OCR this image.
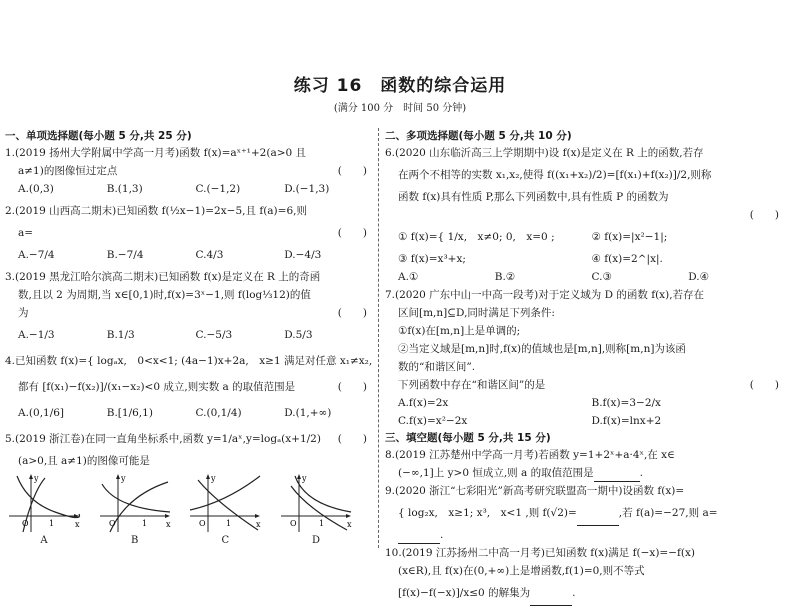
练习 16　函数的综合运用
(满分 100 分　时间 50 分钟)
一、单项选择题(每小题 5 分,共 25 分)
1.(2019 扬州大学附属中学高一月考)函数 f(x)=aˣ⁺¹+2(a>0 且
a≠1)的图像恒过定点	(　　)
A.(0,3)	B.(1,3)	C.(−1,2)	D.(−1,3)
2.(2019 山西高二期末)已知函数 f(½x−1)=2x−5,且 f(a)=6,则
a=	(　　)
A.−7/4	B.−7/4	C.4/3	D.−4/3
3.(2019 黑龙江哈尔滨高二期末)已知函数 f(x)是定义在 R 上的奇函
数,且以 2 为周期,当 x∈[0,1)时,f(x)=3ˣ−1,则 f(log⅓12)的值
为	(　　)
A.−1/3	B.1/3	C.−5/3	D.5/3
4.已知函数 f(x)={ logₐx,　0<x<1; (4a−1)x+2a,　x≥1 满足对任意 x₁≠x₂,
都有 [f(x₁)−f(x₂)]/(x₁−x₂)<0 成立,则实数 a 的取值范围是	(　　)
A.(0,1/6]	B.[1/6,1)	C.(0,1/4)	D.(1,+∞)
5.(2019 浙江卷)在同一直角坐标系中,函数 y=1/aˣ,y=logₐ(x+1/2) (　　)
(a>0,且 a≠1)的图像可能是
x
y
O	1
A
x
y
O	1
B
x
y
O	1
C
x
y
O	1
D
二、多项选择题(每小题 5 分,共 10 分)
6.(2020 山东临沂高三上学期期中)设 f(x)是定义在 R 上的函数,若存
在两个不相等的实数 x₁,x₂,使得 f((x₁+x₂)/2)=[f(x₁)+f(x₂)]/2,则称
函数 f(x)具有性质 P,那么下列函数中,具有性质 P 的函数为
(　　)
① f(x)={ 1/x,　x≠0; 0,　x=0 ;	② f(x)=|x²−1|;
③ f(x)=x³+x;	④ f(x)=2^|x|.
A.①	B.②	C.③	D.④
7.(2020 广东中山一中高一段考)对于定义域为 D 的函数 f(x),若存在
区间[m,n]⊆D,同时满足下列条件:
①f(x)在[m,n]上是单调的;
②当定义域是[m,n]时,f(x)的值域也是[m,n],则称[m,n]为该函
数的“和谐区间”.
下列函数中存在“和谐区间”的是	(　　)
A.f(x)=2x	B.f(x)=3−2/x
C.f(x)=x²−2x	D.f(x)=lnx+2
三、填空题(每小题 5 分,共 15 分)
8.(2019 江苏楚州中学高一月考)若函数 y=1+2ˣ+a·4ˣ,在 x∈
(−∞,1]上 y>0 恒成立,则 a 的取值范围是	.
9.(2020 浙江“七彩阳光”新高考研究联盟高一期中)设函数 f(x)=
{ log₂x,　x≥1; x³,　x<1 ,则 f(√2)=	,若 f(a)=−27,则 a=
.
10.(2019 江苏扬州二中高一月考)已知函数 f(x)满足 f(−x)=−f(x)
(x∈R),且 f(x)在(0,+∞)上是增函数,f(1)=0,则不等式
[f(x)−f(−x)]/x≤0 的解集为	.
